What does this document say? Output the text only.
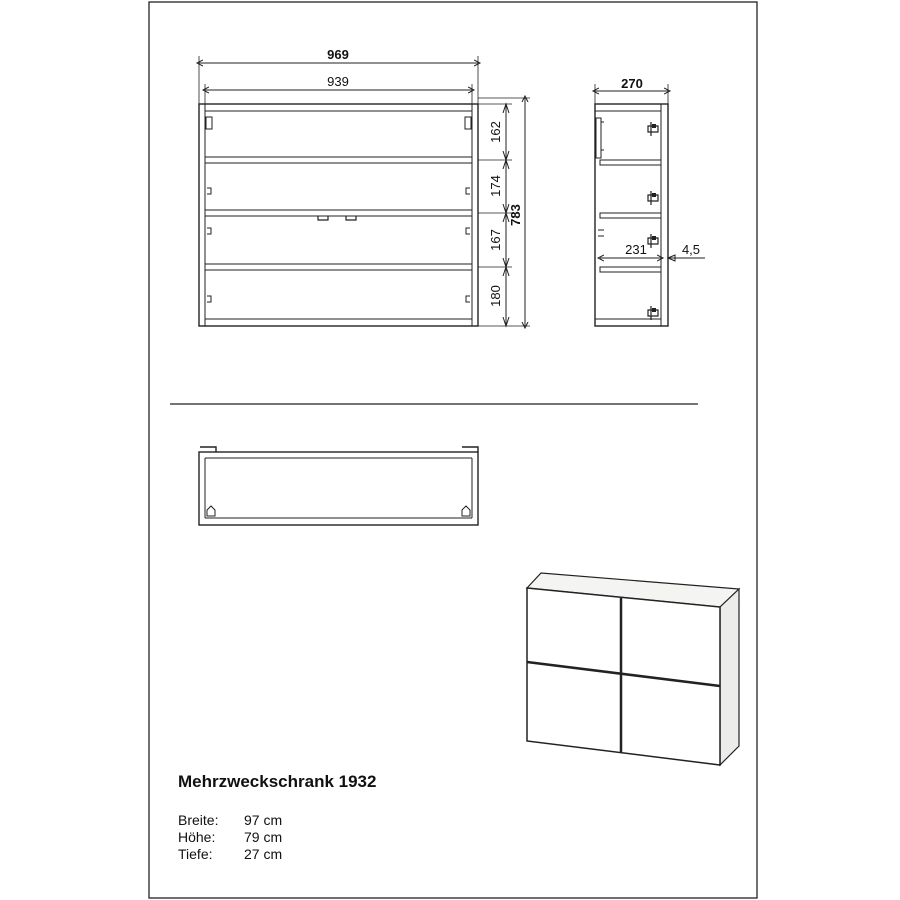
969
939
162
174
167
180
783
270
231	4,5
Mehrzweckschrank 1932
Breite: 97 cm
Höhe: 79 cm
Tiefe: 27 cm
